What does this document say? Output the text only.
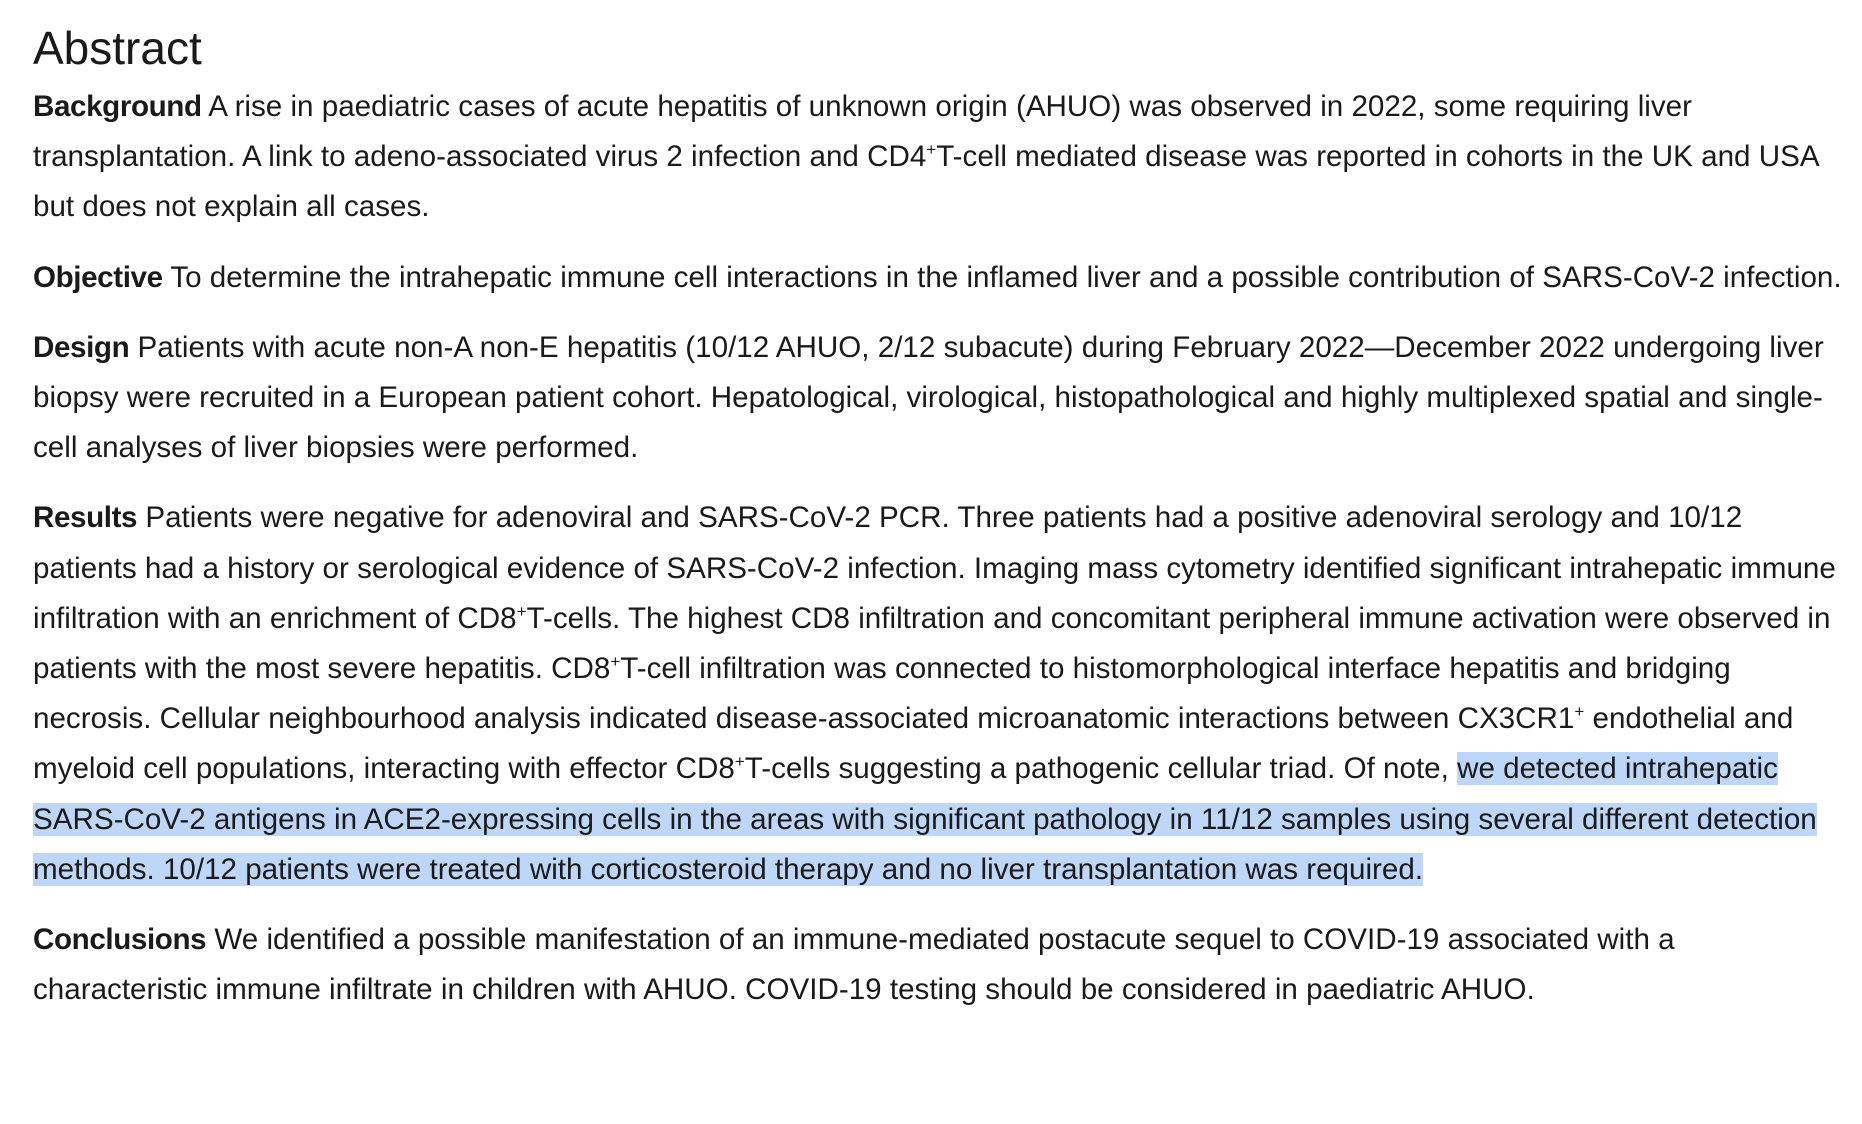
Abstract

Background A rise in paediatric cases of acute hepatitis of unknown origin (AHUO) was observed in 2022, some requiring liver transplantation. A link to adeno-associated virus 2 infection and CD4+T-cell mediated disease was reported in cohorts in the UK and USA but does not explain all cases.

Objective To determine the intrahepatic immune cell interactions in the inflamed liver and a possible contribution of SARS-CoV-2 infection.

Design Patients with acute non-A non-E hepatitis (10/12 AHUO, 2/12 subacute) during February 2022—December 2022 undergoing liver biopsy were recruited in a European patient cohort. Hepatological, virological, histopathological and highly multiplexed spatial and single-cell analyses of liver biopsies were performed.

Results Patients were negative for adenoviral and SARS-CoV-2 PCR. Three patients had a positive adenoviral serology and 10/12 patients had a history or serological evidence of SARS-CoV-2 infection. Imaging mass cytometry identified significant intrahepatic immune infiltration with an enrichment of CD8+T-cells. The highest CD8 infiltration and concomitant peripheral immune activation were observed in patients with the most severe hepatitis. CD8+T-cell infiltration was connected to histomorphological interface hepatitis and bridging necrosis. Cellular neighbourhood analysis indicated disease-associated microanatomic interactions between CX3CR1+ endothelial and myeloid cell populations, interacting with effector CD8+T-cells suggesting a pathogenic cellular triad. Of note, we detected intrahepatic SARS-CoV-2 antigens in ACE2-expressing cells in the areas with significant pathology in 11/12 samples using several different detection methods. 10/12 patients were treated with corticosteroid therapy and no liver transplantation was required.

Conclusions We identified a possible manifestation of an immune-mediated postacute sequel to COVID-19 associated with a characteristic immune infiltrate in children with AHUO. COVID-19 testing should be considered in paediatric AHUO.
